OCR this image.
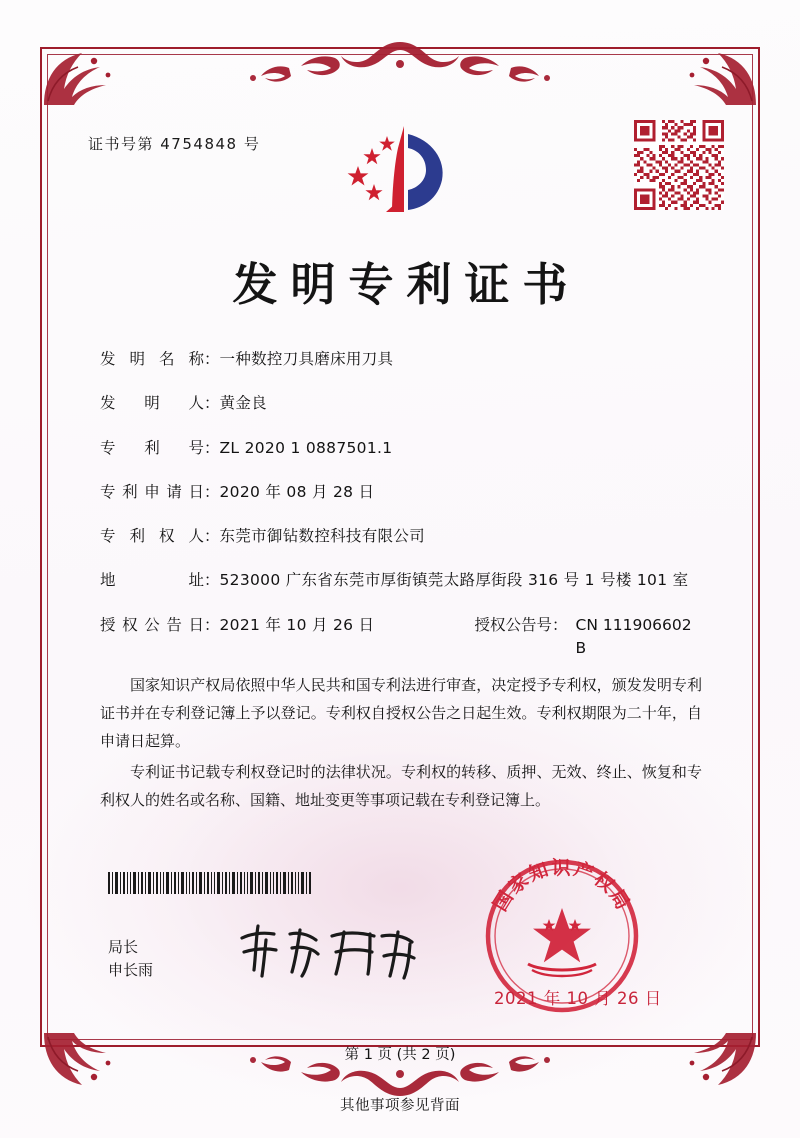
证书号第 4754848 号
发明专利证书
发明名称： 一种数控刀具磨床用刀具
发明人： 黄金良
专利号： ZL 2020 1 0887501.1
专利申请日： 2020 年 08 月 28 日
专利权人： 东莞市御钻数控科技有限公司
地址： 523000 广东省东莞市厚街镇莞太路厚街段 316 号 1 号楼 101 室
授权公告日： 2021 年 10 月 26 日	授权公告号： CN 111906602 B

国家知识产权局依照中华人民共和国专利法进行审查，决定授予专利权，颁发发明专利证书并在专利登记簿上予以登记。专利权自授权公告之日起生效。专利权期限为二十年，自申请日起算。

专利证书记载专利权登记时的法律状况。专利权的转移、质押、无效、终止、恢复和专利权人的姓名或名称、国籍、地址变更等事项记载在专利登记簿上。

局长
申长雨
国家知识产权局
2021 年 10 月 26 日
第 1 页 (共 2 页)
其他事项参见背面
